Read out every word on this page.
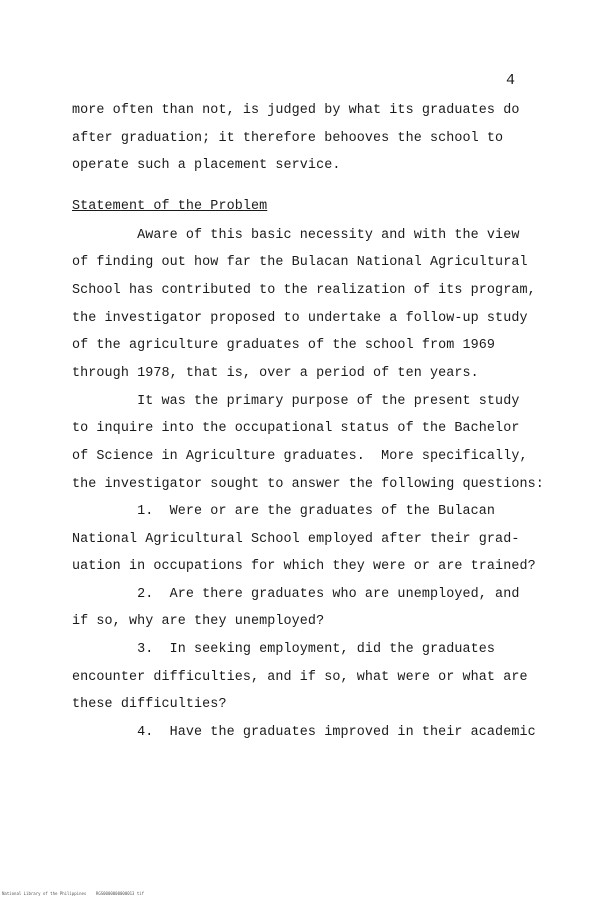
4
more often than not, is judged by what its graduates do
after graduation; it therefore behooves the school to
operate such a placement service.
Statement of the Problem
Aware of this basic necessity and with the view
of finding out how far the Bulacan National Agricultural
School has contributed to the realization of its program,
the investigator proposed to undertake a follow-up study
of the agriculture graduates of the school from 1969
through 1978, that is, over a period of ten years.
It was the primary purpose of the present study
to inquire into the occupational status of the Bachelor
of Science in Agriculture graduates.  More specifically,
the investigator sought to answer the following questions:
1.  Were or are the graduates of the Bulacan
National Agricultural School employed after their grad-
uation in occupations for which they were or are trained?
2.  Are there graduates who are unemployed, and
if so, why are they unemployed?
3.  In seeking employment, did the graduates
encounter difficulties, and if so, what were or what are
these difficulties?
4.  Have the graduates improved in their academic
National Library of the Philippines    RGS0000000000013 tif
